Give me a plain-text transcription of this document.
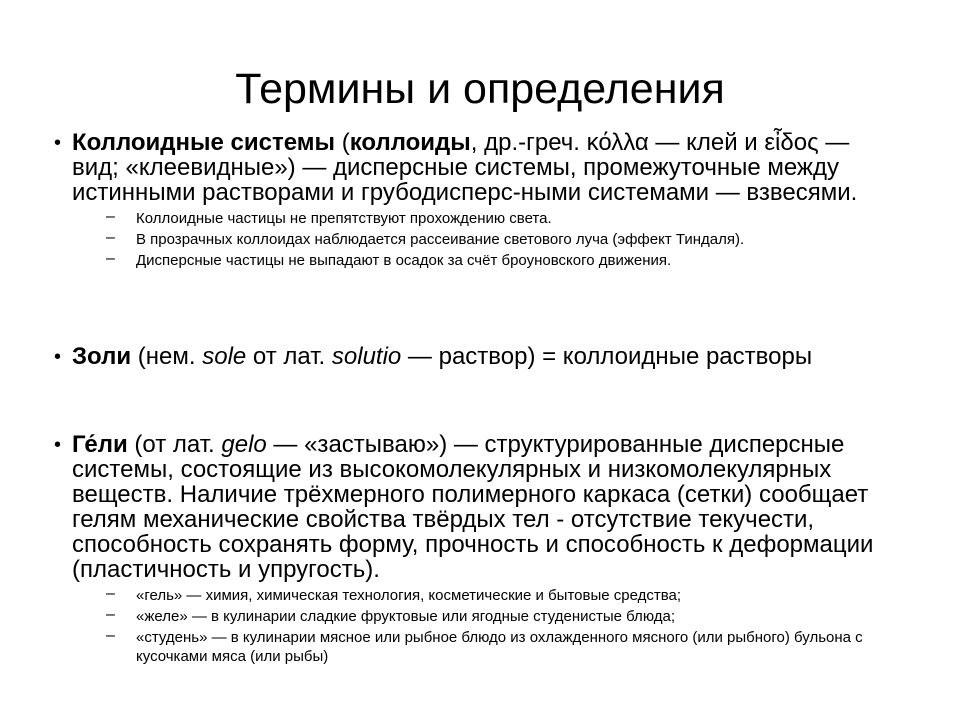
Термины и определения
• Коллоидные системы (коллоиды, др.-греч. κόλλα — клей и εἶδος — вид; «клеевидные») — дисперсные системы, промежуточные между истинными растворами и грубодисперс-ными системами — взвесями.
– Коллоидные частицы не препятствуют прохождению света.
– В прозрачных коллоидах наблюдается рассеивание светового луча (эффект Тиндаля).
– Дисперсные частицы не выпадают в осадок за счёт броуновского движения.
• Золи (нем. sole от лат. solutio — раствор) = коллоидные растворы
• Ге́ли (от лат. gelo — «застываю») — структурированные дисперсные системы, состоящие из высокомолекулярных и низкомолекулярных веществ. Наличие трёхмерного полимерного каркаса (сетки) сообщает гелям механические свойства твёрдых тел - отсутствие текучести, способность сохранять форму, прочность и способность к деформации (пластичность и упругость).
– «гель» — химия, химическая технология, косметические и бытовые средства;
– «желе» — в кулинарии сладкие фруктовые или ягодные студенистые блюда;
– «студень» — в кулинарии мясное или рыбное блюдо из охлажденного мясного (или рыбного) бульона с кусочками мяса (или рыбы)
